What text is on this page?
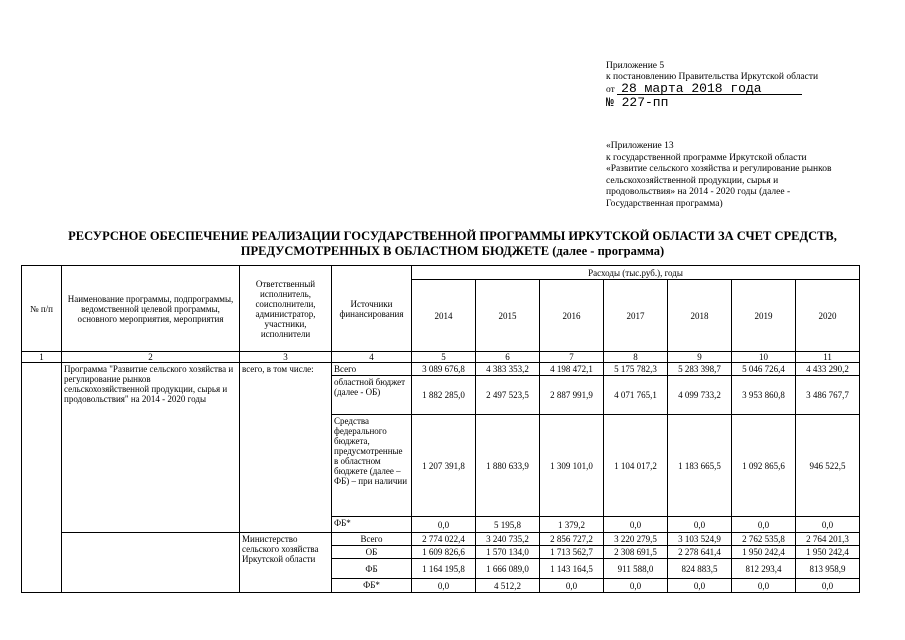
Приложение 5
к постановлению Правительства Иркутской области
от 28 марта 2018 года
№ 227-пп
«Приложение 13
к государственной программе Иркутской области
«Развитие сельского хозяйства и регулирование рынков
сельскохозяйственной продукции, сырья и
продовольствия» на 2014 - 2020 годы (далее -
Государственная программа)
РЕСУРСНОЕ ОБЕСПЕЧЕНИЕ РЕАЛИЗАЦИИ ГОСУДАРСТВЕННОЙ ПРОГРАММЫ ИРКУТСКОЙ ОБЛАСТИ ЗА СЧЕТ СРЕДСТВ,
ПРЕДУСМОТРЕННЫХ В ОБЛАСТНОМ БЮДЖЕТЕ (далее - программа)
№ п/п	Наименование программы, подпрограммы, ведомственной целевой программы, основного мероприятия, мероприятия	Ответственный исполнитель, соисполнители, администратор, участники, исполнители	Источники финансирования	Расходы (тыс.руб.), годы						
				2014	2015	2016	2017	2018	2019	2020
1	2	3	4	5	6	7	8	9	10	11
	Программа "Развитие сельского хозяйства и регулирование рынков сельскохозяйственной продукции, сырья и продовольствия" на 2014 - 2020 годы	всего, в том числе:	Всего	3 089 676,8	4 383 353,2	4 198 472,1	5 175 782,3	5 283 398,7	5 046 726,4	4 433 290,2
			областной бюджет (далее - ОБ)	1 882 285,0	2 497 523,5	2 887 991,9	4 071 765,1	4 099 733,2	3 953 860,8	3 486 767,7
			Средства федерального бюджета, предусмотренные в областном бюджете (далее – ФБ) – при наличии	1 207 391,8	1 880 633,9	1 309 101,0	1 104 017,2	1 183 665,5	1 092 865,6	946 522,5
			ФБ*	0,0	5 195,8	1 379,2	0,0	0,0	0,0	0,0
		Министерство сельского хозяйства Иркутской области	Всего	2 774 022,4	3 240 735,2	2 856 727,2	3 220 279,5	3 103 524,9	2 762 535,8	2 764 201,3
			ОБ	1 609 826,6	1 570 134,0	1 713 562,7	2 308 691,5	2 278 641,4	1 950 242,4	1 950 242,4
			ФБ	1 164 195,8	1 666 089,0	1 143 164,5	911 588,0	824 883,5	812 293,4	813 958,9
			ФБ*	0,0	4 512,2	0,0	0,0	0,0	0,0	0,0
